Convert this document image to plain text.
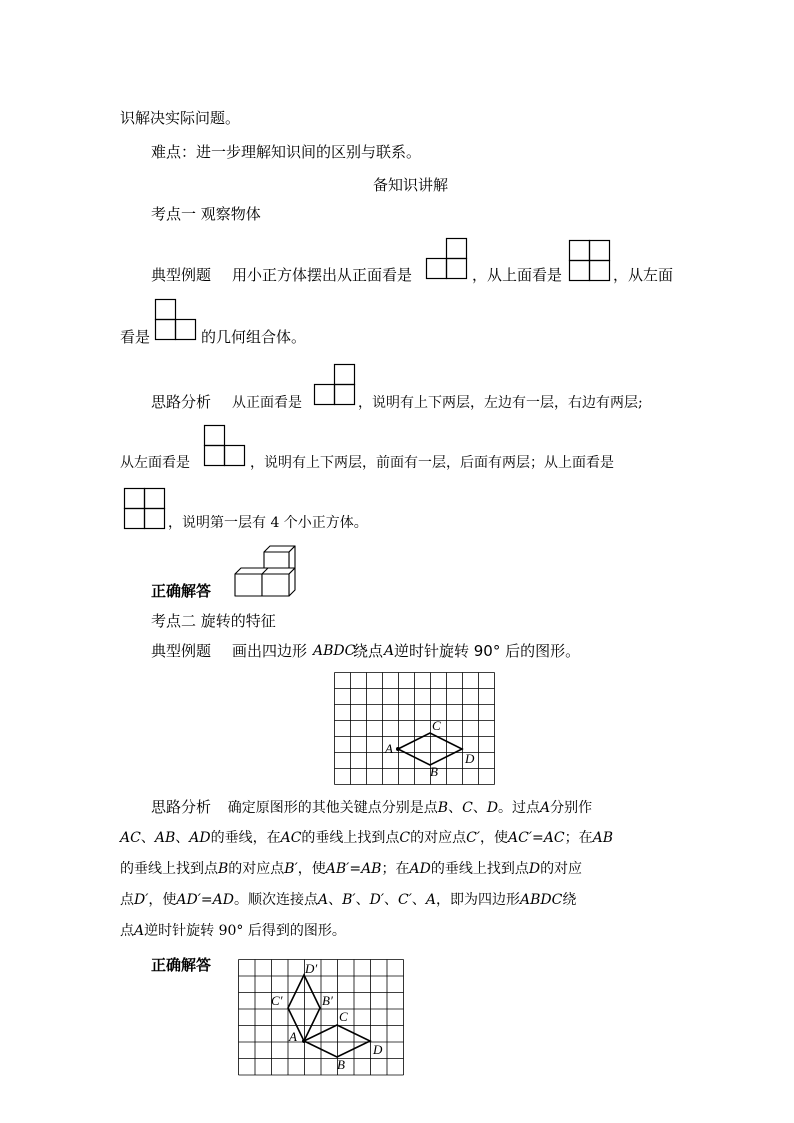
识解决实际问题。
难点：进一步理解知识间的区别与联系。
备知识讲解
考点一 观察物体
典型例题 用小正方体摆出从正面看是	，从上面看是	，从左面
看是	的几何组合体。
思路分析 从正面看是	，说明有上下两层，左边有一层，右边有两层;
从左面看是	，说明有上下两层，前面有一层，后面有两层；从上面看是
，说明第一层有 4 个小正方体。
正确解答
考点二 旋转的特征
典型例题 画出四边形 ABDC
绕点 A 逆时针旋转 90° 后的图形。
A
B
C
D
思路分析 确定原图形的其他关键点分别是点B、C、D。过点A分别作
AC、AB、AD的垂线，在AC的垂线上找到点C的对应点C′，使AC′=AC；在AB
的垂线上找到点B的对应点B′，使AB′=AB；在AD的垂线上找到点D的对应
点D′，使AD′=AD。顺次连接点A、B′、D′、C′、A，即为四边形ABDC绕
点A逆时针旋转 90° 后得到的图形。
正确解答
A
B
C
D
B′
C′
D′
